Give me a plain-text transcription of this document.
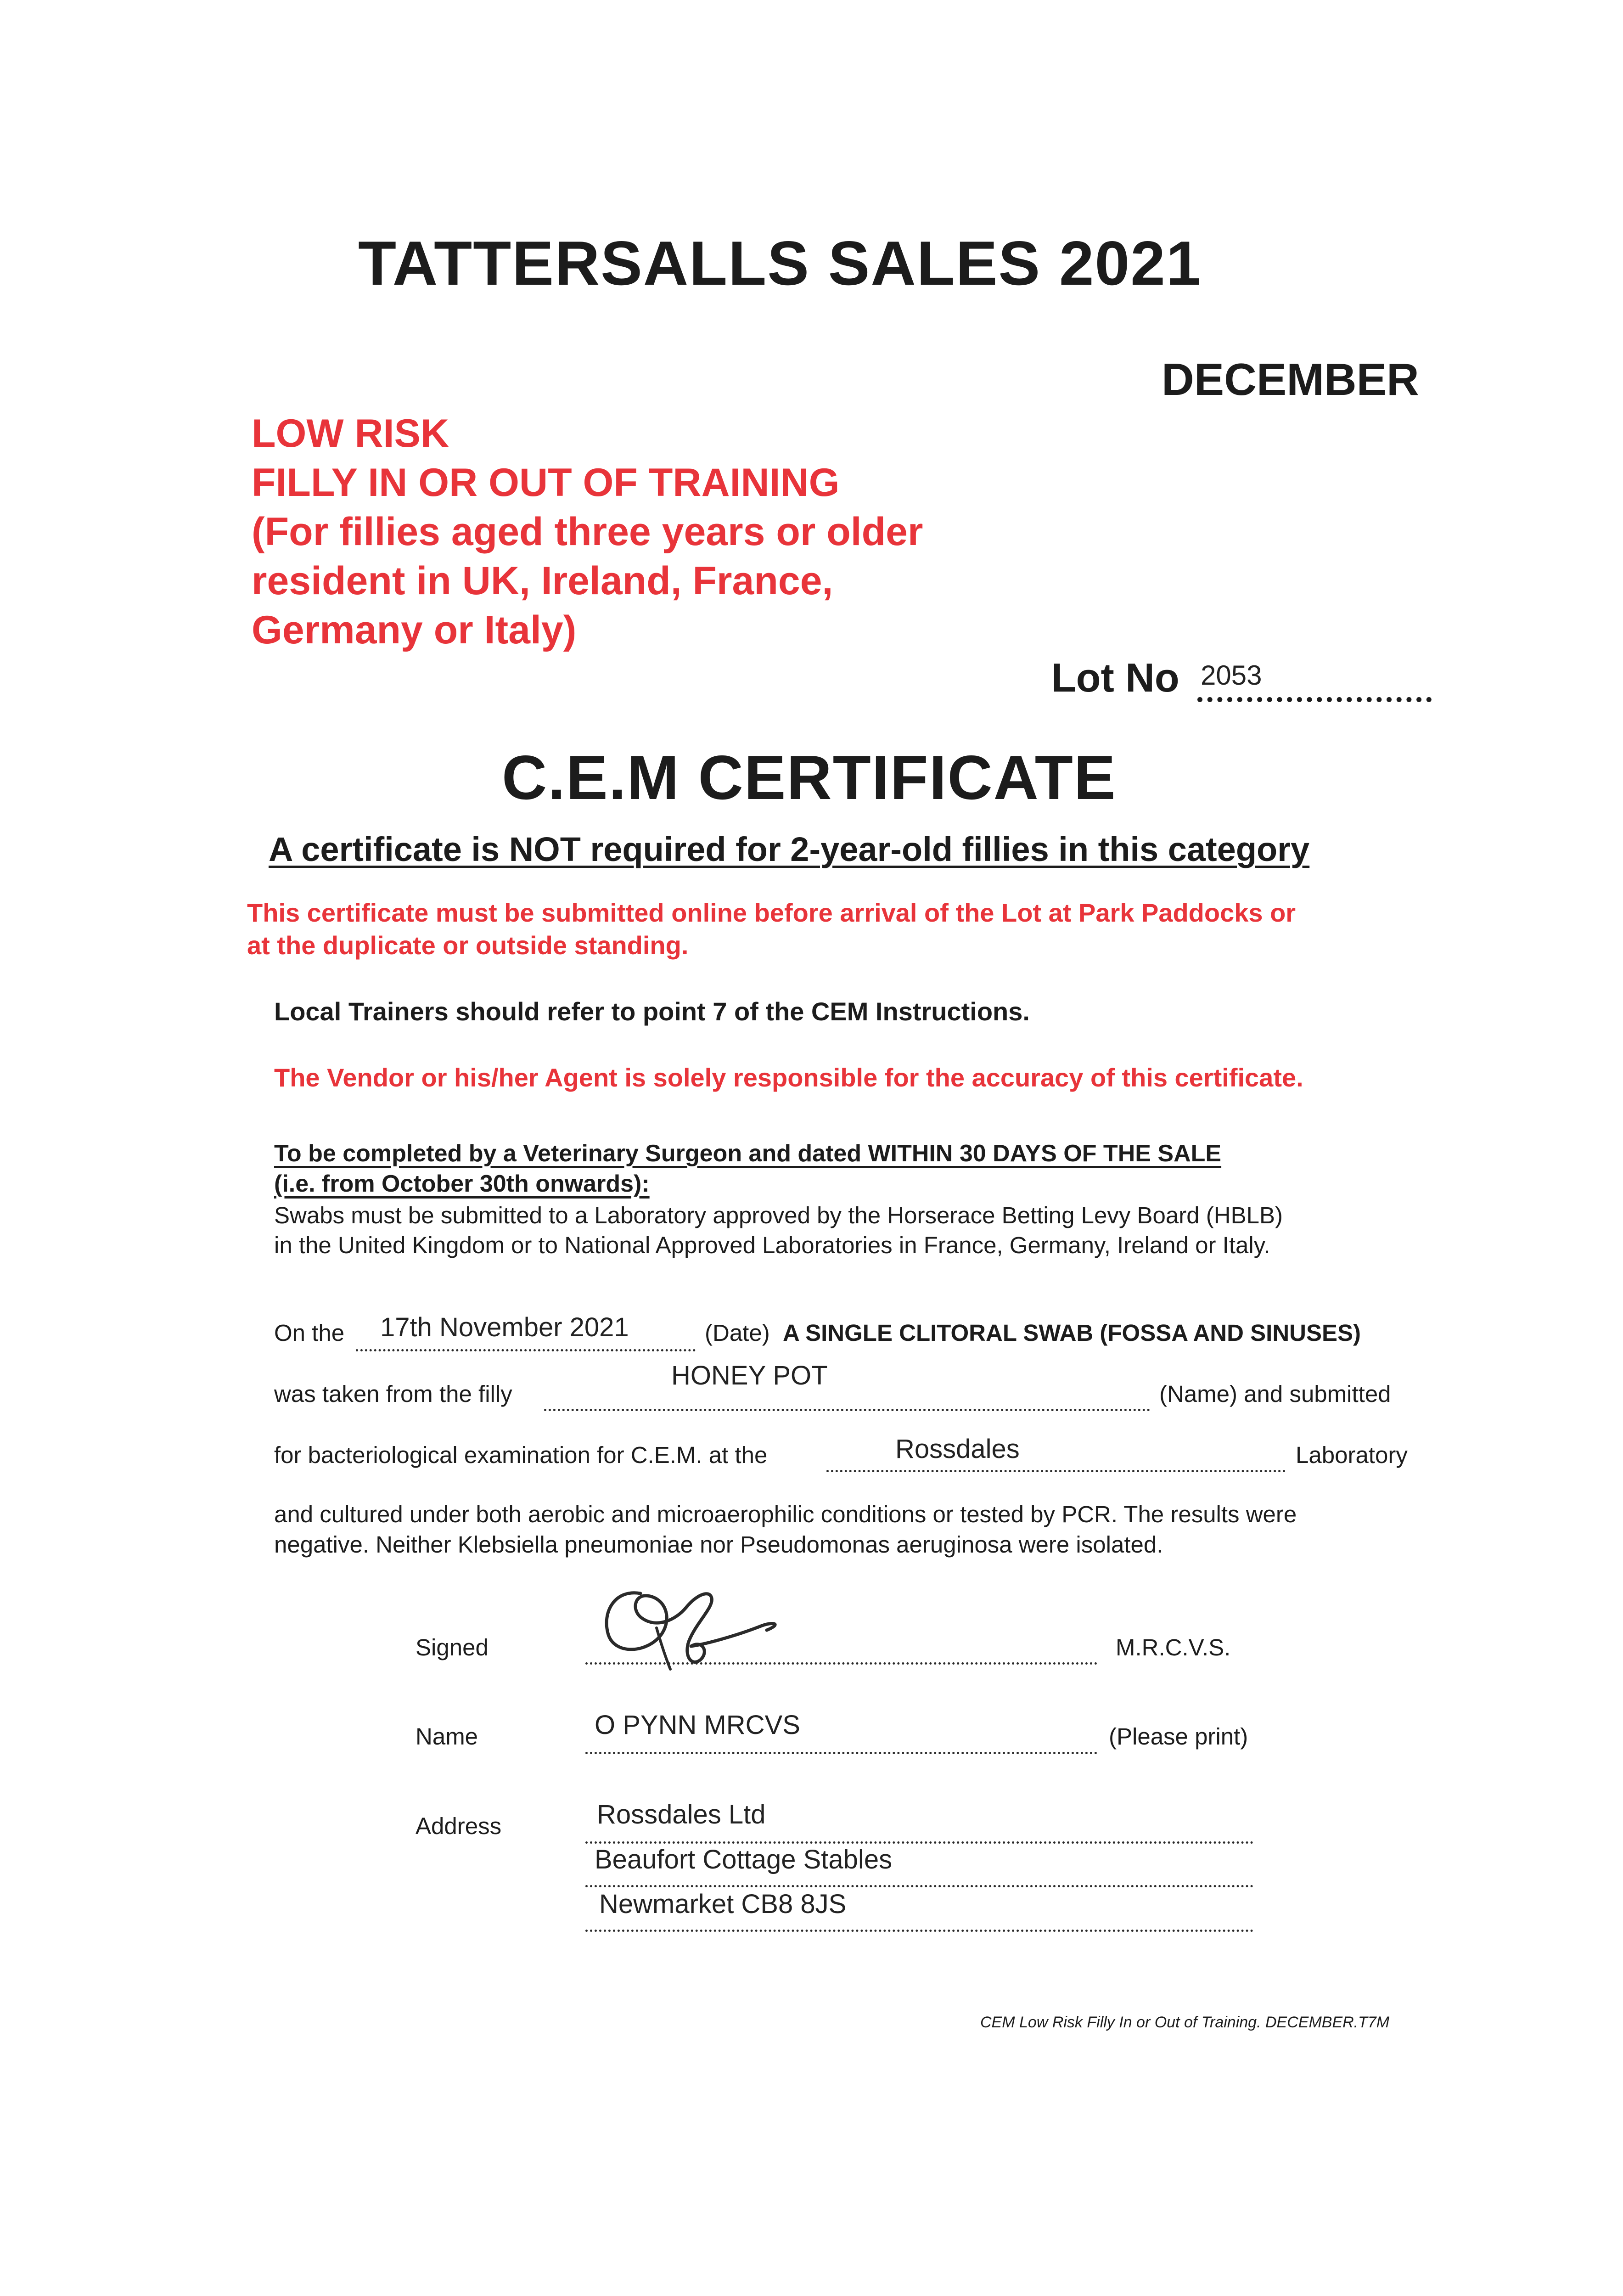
TATTERSALLS SALES 2021
DECEMBER
LOW RISK
FILLY IN OR OUT OF TRAINING
(For fillies aged three years or older
resident in UK, Ireland, France,
Germany or Italy)
Lot No 2053
C.E.M CERTIFICATE
A certificate is NOT required for 2-year-old fillies in this category
This certificate must be submitted online before arrival of the Lot at Park Paddocks or
at the duplicate or outside standing.
Local Trainers should refer to point 7 of the CEM Instructions.
The Vendor or his/her Agent is solely responsible for the accuracy of this certificate.
To be completed by a Veterinary Surgeon and dated WITHIN 30 DAYS OF THE SALE
(i.e. from October 30th onwards):
Swabs must be submitted to a Laboratory approved by the Horserace Betting Levy Board (HBLB)
in the United Kingdom or to National Approved Laboratories in France, Germany, Ireland or Italy.
On the 17th November 2021	(Date) A SINGLE CLITORAL SWAB (FOSSA AND SINUSES)
was taken from the filly
HONEY POT
(Name) and submitted
for bacteriological examination for C.E.M. at the	Rossdales	Laboratory
and cultured under both aerobic and microaerophilic conditions or tested by PCR. The results were
negative. Neither Klebsiella pneumoniae nor Pseudomonas aeruginosa were isolated.
Signed	M.R.C.V.S.
Name	O PYNN MRCVS	(Please print)
Address	Rossdales Ltd
Beaufort Cottage Stables
Newmarket CB8 8JS
CEM Low Risk Filly In or Out of Training. DECEMBER.T7M
